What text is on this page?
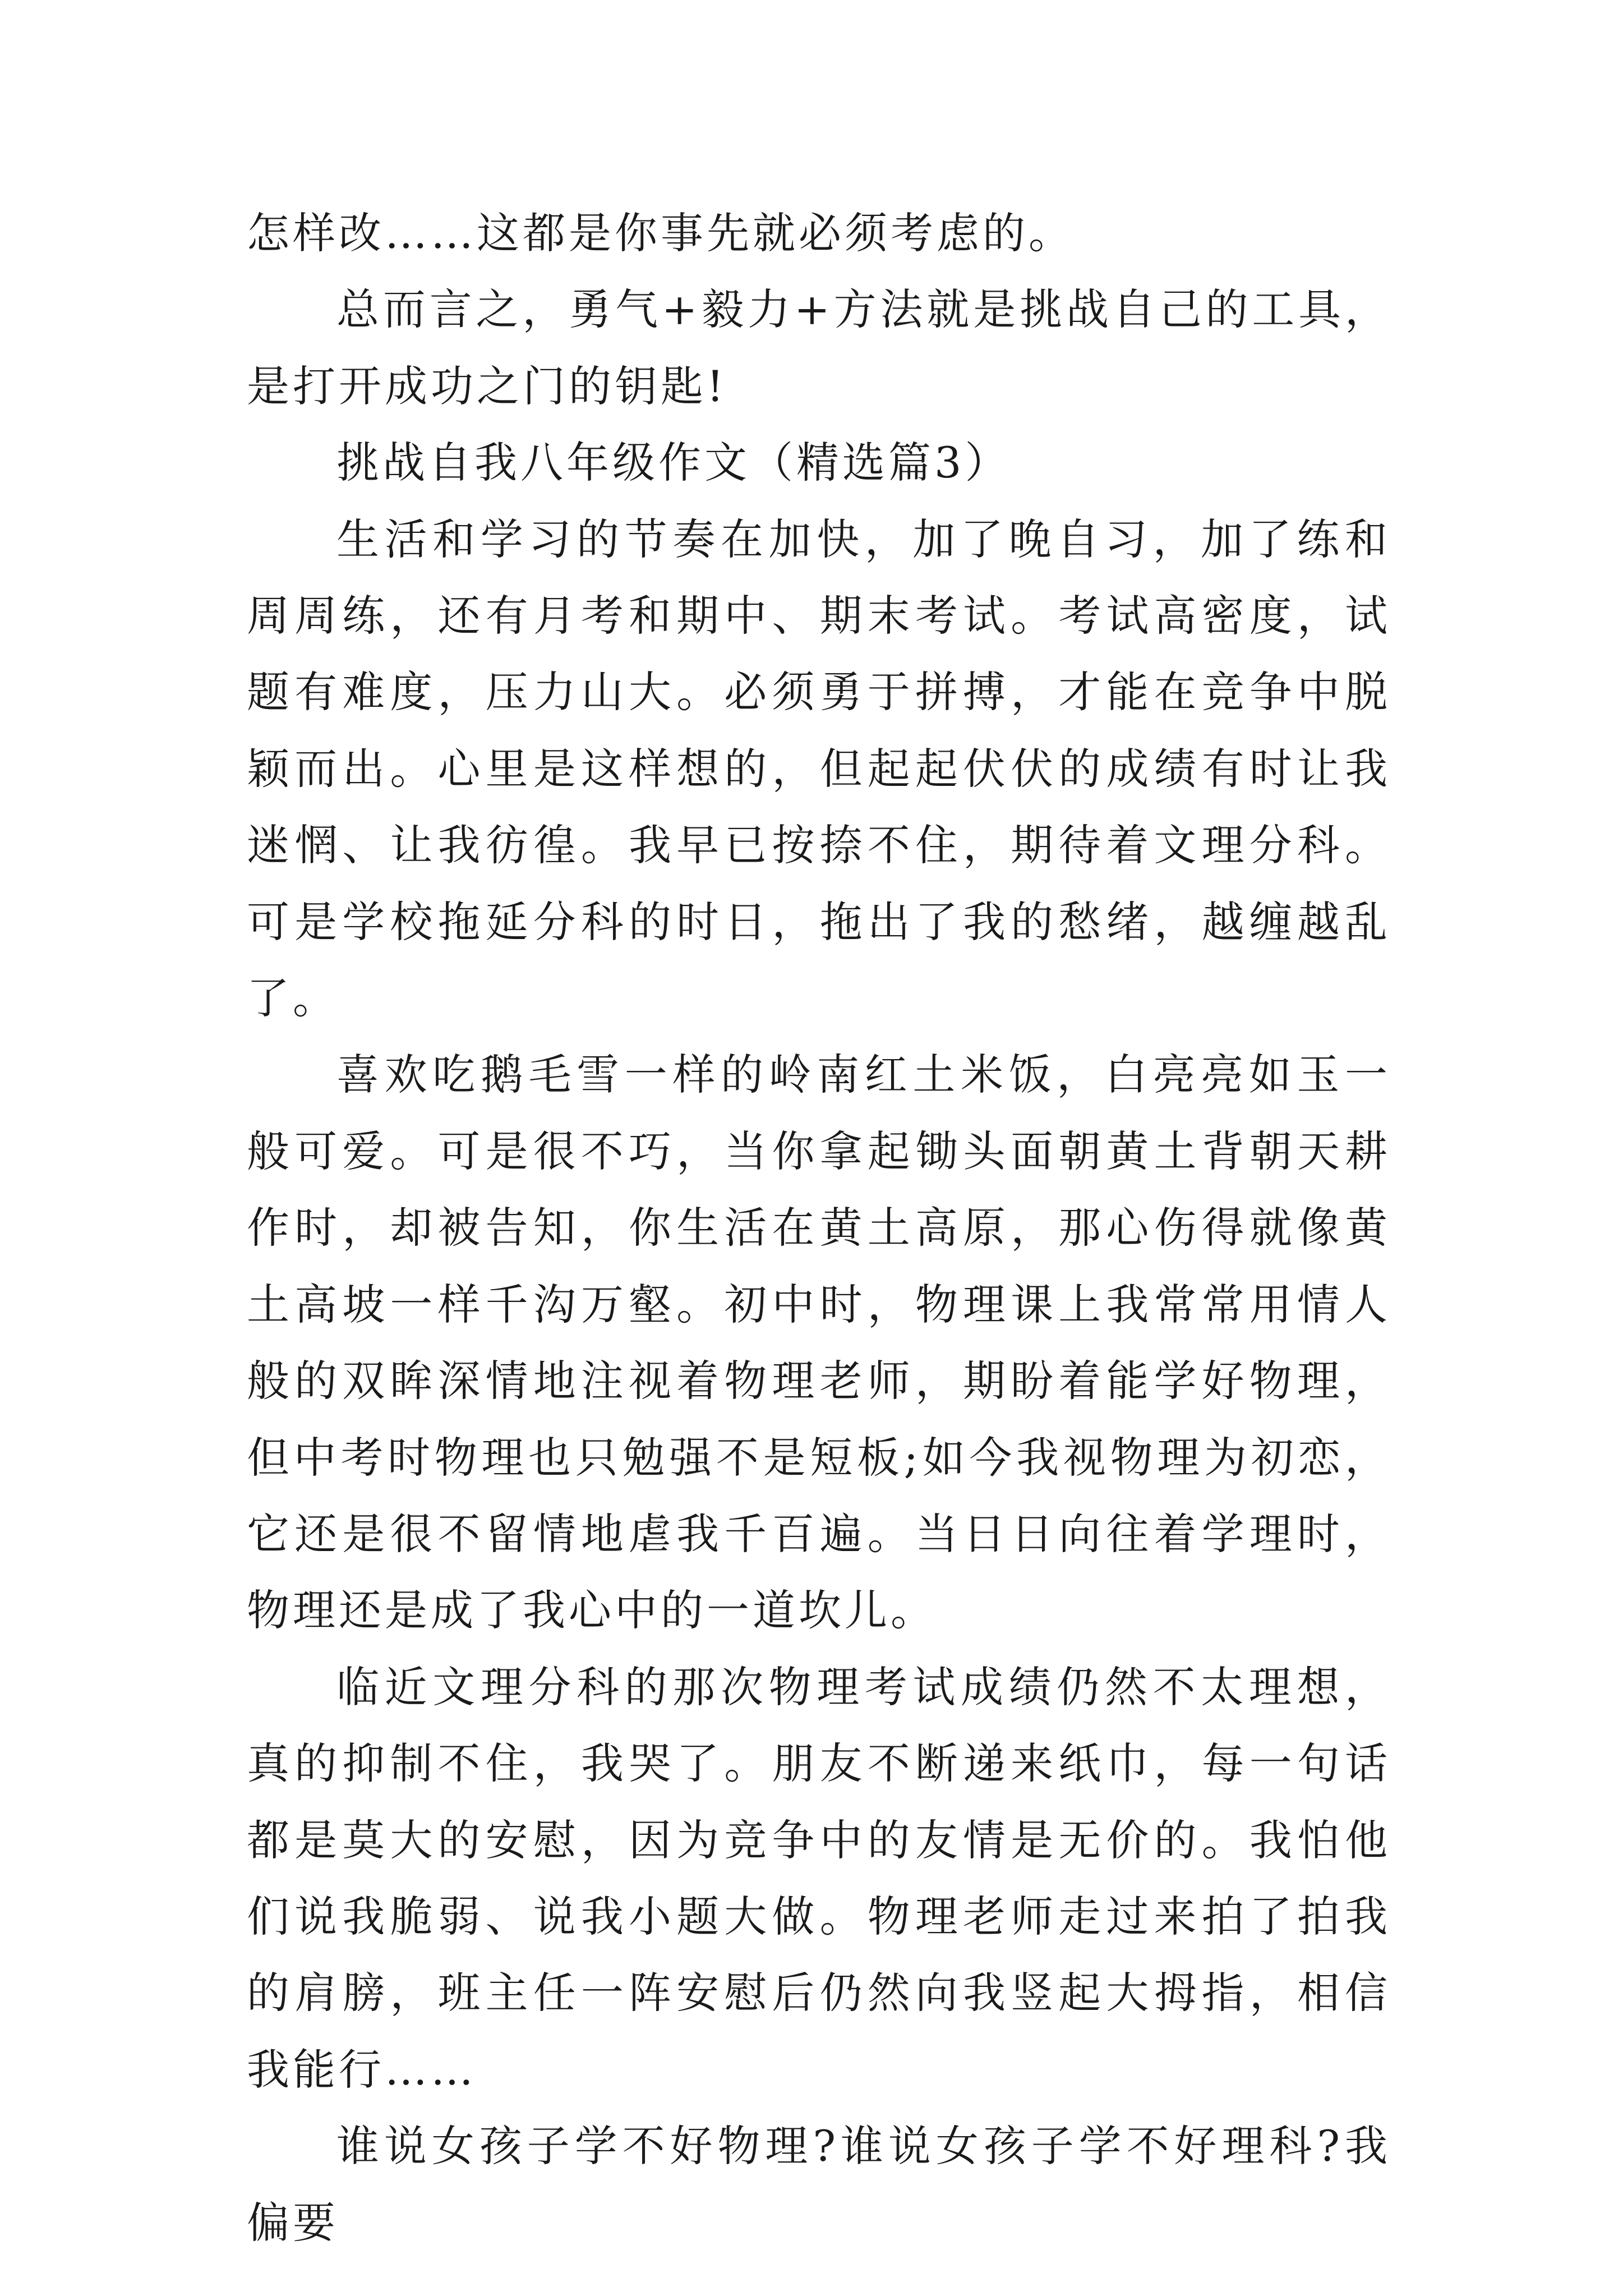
怎样改……这都是你事先就必须考虑的。

总而言之，勇气+毅力+方法就是挑战自己的工具，是打开成功之门的钥匙!

挑战自我八年级作文（精选篇3）

生活和学习的节奏在加快，加了晚自习，加了练和周周练，还有月考和期中、期末考试。考试高密度，试题有难度，压力山大。必须勇于拼搏，才能在竞争中脱颖而出。心里是这样想的，但起起伏伏的成绩有时让我迷惘、让我彷徨。我早已按捺不住，期待着文理分科。可是学校拖延分科的时日，拖出了我的愁绪，越缠越乱了。

喜欢吃鹅毛雪一样的岭南红土米饭，白亮亮如玉一般可爱。可是很不巧，当你拿起锄头面朝黄土背朝天耕作时，却被告知，你生活在黄土高原，那心伤得就像黄土高坡一样千沟万壑。初中时，物理课上我常常用情人般的双眸深情地注视着物理老师，期盼着能学好物理，但中考时物理也只勉强不是短板;如今我视物理为初恋，它还是很不留情地虐我千百遍。当日日向往着学理时，物理还是成了我心中的一道坎儿。

临近文理分科的那次物理考试成绩仍然不太理想，真的抑制不住，我哭了。朋友不断递来纸巾，每一句话都是莫大的安慰，因为竞争中的友情是无价的。我怕他们说我脆弱、说我小题大做。物理老师走过来拍了拍我的肩膀，班主任一阵安慰后仍然向我竖起大拇指，相信我能行……

谁说女孩子学不好物理?谁说女孩子学不好理科?我偏要
